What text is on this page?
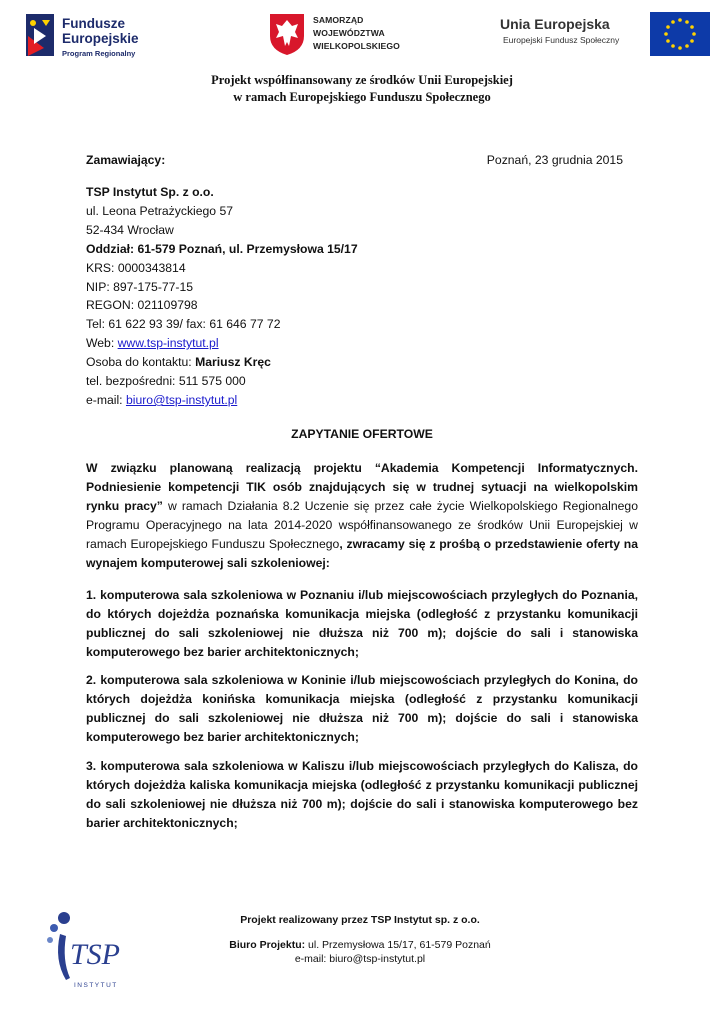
Fundusze
Europejskie
Program Regionalny
SAMORZĄD
WOJEWÓDZTWA
WIELKOPOLSKIEGO
Unia Europejska
Europejski Fundusz Społeczny
Projekt współfinansowany ze środków Unii Europejskiej
w ramach Europejskiego Funduszu Społecznego
Zamawiający:	Poznań, 23 grudnia 2015
TSP Instytut Sp. z o.o.
ul. Leona Petrażyckiego 57
52-434 Wrocław
Oddział: 61-579 Poznań, ul. Przemysłowa 15/17
KRS: 0000343814
NIP: 897-175-77-15
REGON: 021109798
Tel: 61 622 93 39/ fax: 61 646 77 72
Web: www.tsp-instytut.pl
Osoba do kontaktu: Mariusz Kręc
tel. bezpośredni: 511 575 000
e-mail: biuro@tsp-instytut.pl
ZAPYTANIE OFERTOWE
W związku planowaną realizacją projektu “Akademia Kompetencji Informatycznych. Podniesienie kompetencji TIK osób znajdujących się w trudnej sytuacji na wielkopolskim rynku pracy” w ramach Działania 8.2 Uczenie się przez całe życie Wielkopolskiego Regionalnego Programu Operacyjnego na lata 2014-2020 współfinansowanego ze środków Unii Europejskiej w ramach Europejskiego Funduszu Społecznego, zwracamy się z prośbą o przedstawienie oferty na wynajem komputerowej sali szkoleniowej:
1. komputerowa sala szkoleniowa w Poznaniu i/lub miejscowościach przyległych do Poznania, do których dojeżdża poznańska komunikacja miejska (odległość z przystanku komunikacji publicznej do sali szkoleniowej nie dłuższa niż 700 m); dojście do sali i stanowiska komputerowego bez barier architektonicznych;
2. komputerowa sala szkoleniowa w Koninie i/lub miejscowościach przyległych do Konina, do których dojeżdża konińska komunikacja miejska (odległość z przystanku komunikacji publicznej do sali szkoleniowej nie dłuższa niż 700 m); dojście do sali i stanowiska komputerowego bez barier architektonicznych;
3. komputerowa sala szkoleniowa w Kaliszu i/lub miejscowościach przyległych do Kalisza, do których dojeżdża kaliska komunikacja miejska (odległość z przystanku komunikacji publicznej do sali szkoleniowej nie dłuższa niż 700 m); dojście do sali i stanowiska komputerowego bez barier architektonicznych;
TSP
INSTYTUT
Projekt realizowany przez TSP Instytut sp. z o.o.
Biuro Projektu: ul. Przemysłowa 15/17, 61-579 Poznań
e-mail: biuro@tsp-instytut.pl
